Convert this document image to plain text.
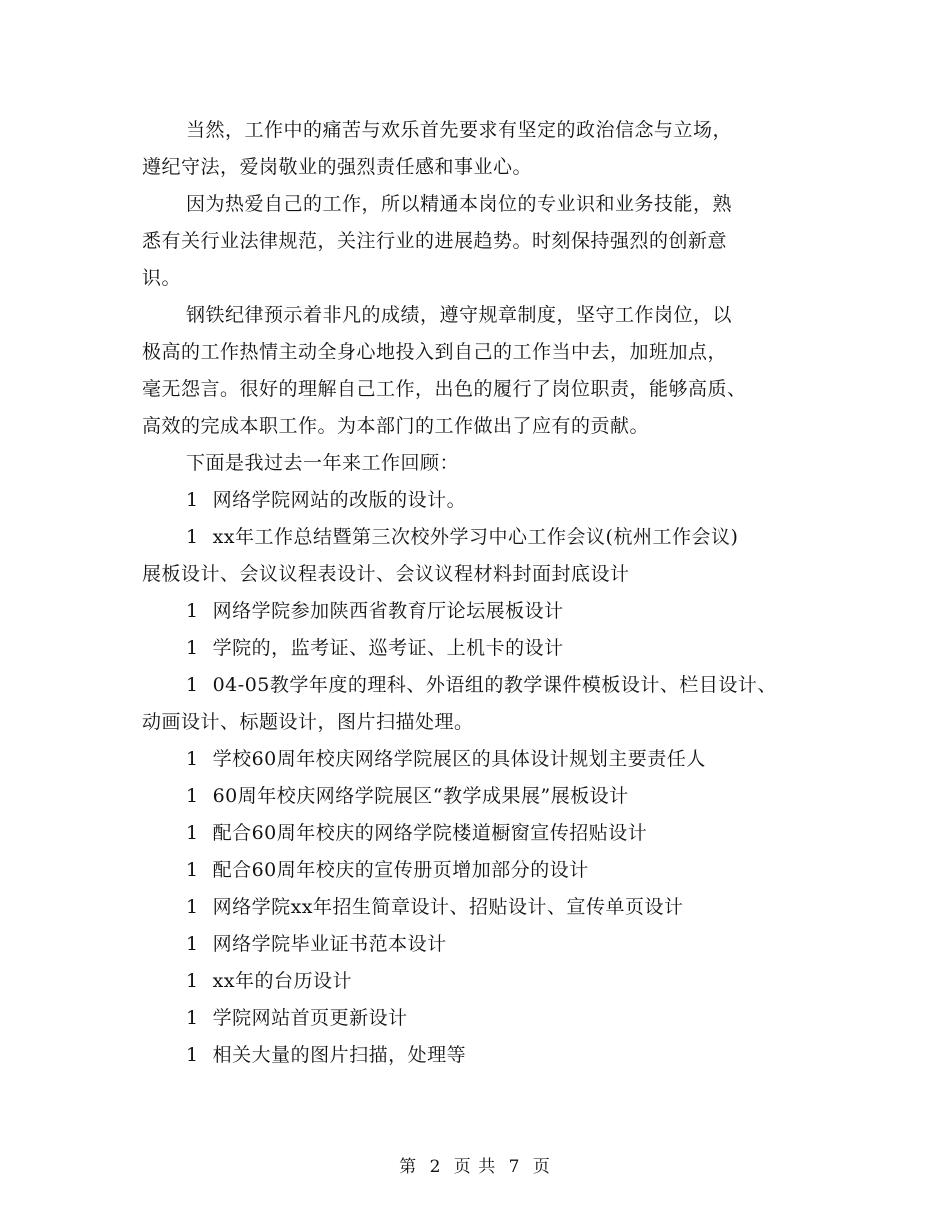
当然，工作中的痛苦与欢乐首先要求有坚定的政治信念与立场，
遵纪守法，爱岗敬业的强烈责任感和事业心。
因为热爱自己的工作，所以精通本岗位的专业识和业务技能，熟
悉有关行业法律规范，关注行业的进展趋势。时刻保持强烈的创新意
识。
钢铁纪律预示着非凡的成绩，遵守规章制度，坚守工作岗位，以
极高的工作热情主动全身心地投入到自己的工作当中去，加班加点，
毫无怨言。很好的理解自己工作，出色的履行了岗位职责，能够高质、
高效的完成本职工作。为本部门的工作做出了应有的贡献。
下面是我过去一年来工作回顾：
1 网络学院网站的改版的设计。
1 xx年工作总结暨第三次校外学习中心工作会议(杭州工作会议)
展板设计、会议议程表设计、会议议程材料封面封底设计
1 网络学院参加陕西省教育厅论坛展板设计
1 学院的，监考证、巡考证、上机卡的设计
1 04-05教学年度的理科、外语组的教学课件模板设计、栏目设计、
动画设计、标题设计，图片扫描处理。
1 学校60周年校庆网络学院展区的具体设计规划主要责任人
1 60周年校庆网络学院展区“教学成果展”展板设计
1 配合60周年校庆的网络学院楼道橱窗宣传招贴设计
1 配合60周年校庆的宣传册页增加部分的设计
1 网络学院xx年招生简章设计、招贴设计、宣传单页设计
1 网络学院毕业证书范本设计
1 xx年的台历设计
1 学院网站首页更新设计
1 相关大量的图片扫描，处理等
第 2 页 共 7 页
